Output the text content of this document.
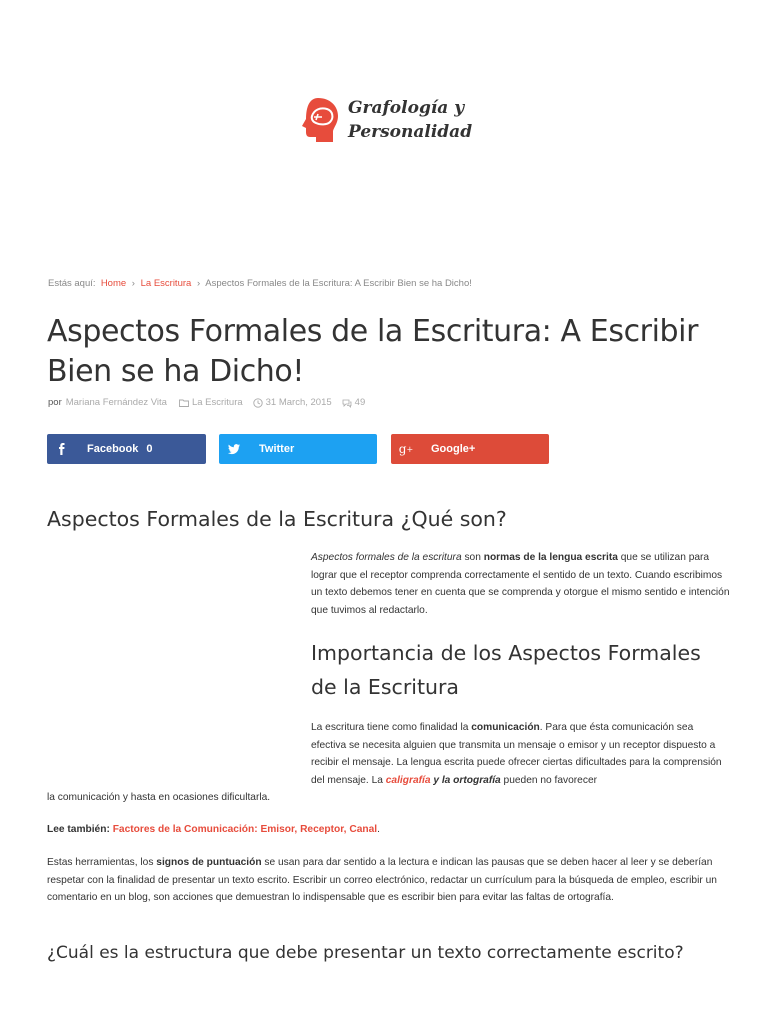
Grafología y
Personalidad
Estás aquí: Home › La Escritura › Aspectos Formales de la Escritura: A Escribir Bien se ha Dicho!
Aspectos Formales de la Escritura: A Escribir Bien se ha Dicho!
por Mariana Fernández Vita	La Escritura 31 March, 2015 49
Facebook 0	Twitter	g + Google+
Aspectos Formales de la Escritura ¿Qué son?

Aspectos formales de la escritura son normas de la lengua escrita que se utilizan para lograr que el receptor comprenda correctamente el sentido de un texto. Cuando escribimos un texto debemos tener en cuenta que se comprenda y otorgue el mismo sentido e intención que tuvimos al redactarlo.

Importancia de los Aspectos Formales de la Escritura

La escritura tiene como finalidad la comunicación. Para que ésta comunicación sea efectiva se necesita alguien que transmita un mensaje o emisor y un receptor dispuesto a recibir el mensaje. La lengua escrita puede ofrecer ciertas dificultades para la comprensión del mensaje. La caligrafía y la ortografía pueden no favorecer

la comunicación y hasta en ocasiones dificultarla.

Lee también: Factores de la Comunicación: Emisor, Receptor, Canal.

Estas herramientas, los signos de puntuación se usan para dar sentido a la lectura e indican las pausas que se deben hacer al leer y se deberían respetar con la finalidad de presentar un texto escrito. Escribir un correo electrónico, redactar un currículum para la búsqueda de empleo, escribir un comentario en un blog, son acciones que demuestran lo indispensable que es escribir bien para evitar las faltas de ortografía.

¿Cuál es la estructura que debe presentar un texto correctamente escrito?
